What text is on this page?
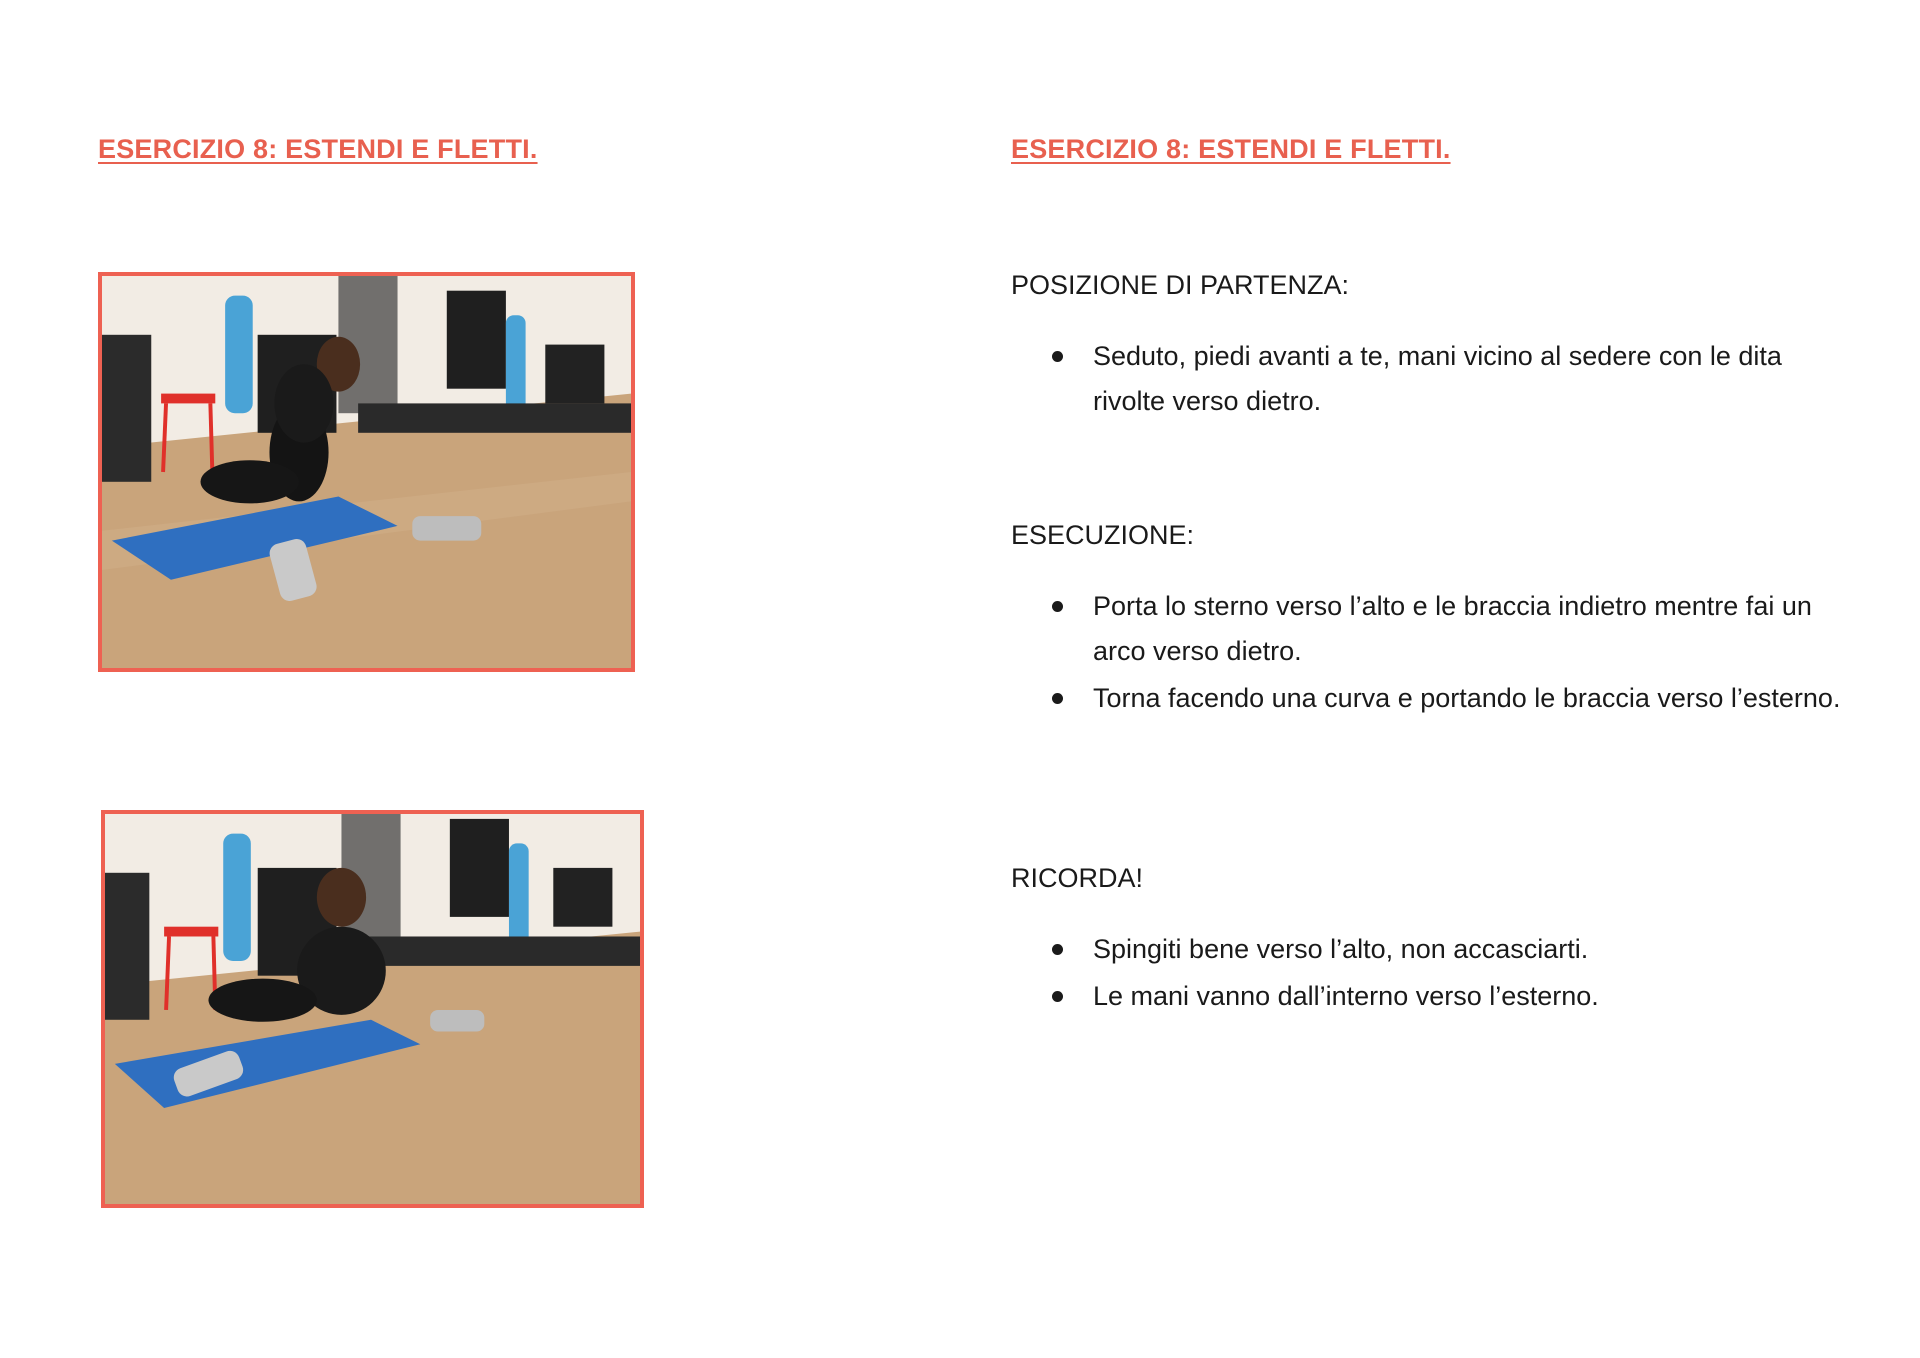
ESERCIZIO 8: ESTENDI E FLETTI.	ESERCIZIO 8: ESTENDI E FLETTI.
POSIZIONE DI PARTENZA:
Seduto, piedi avanti a te, mani vicino al sedere con le dita rivolte verso dietro.
ESECUZIONE:
Porta lo sterno verso l’alto e le braccia indietro mentre fai un arco verso dietro.
Torna facendo una curva e portando le braccia verso l’esterno.
RICORDA!
Spingiti bene verso l’alto, non accasciarti.
Le mani vanno dall’interno verso l’esterno.
